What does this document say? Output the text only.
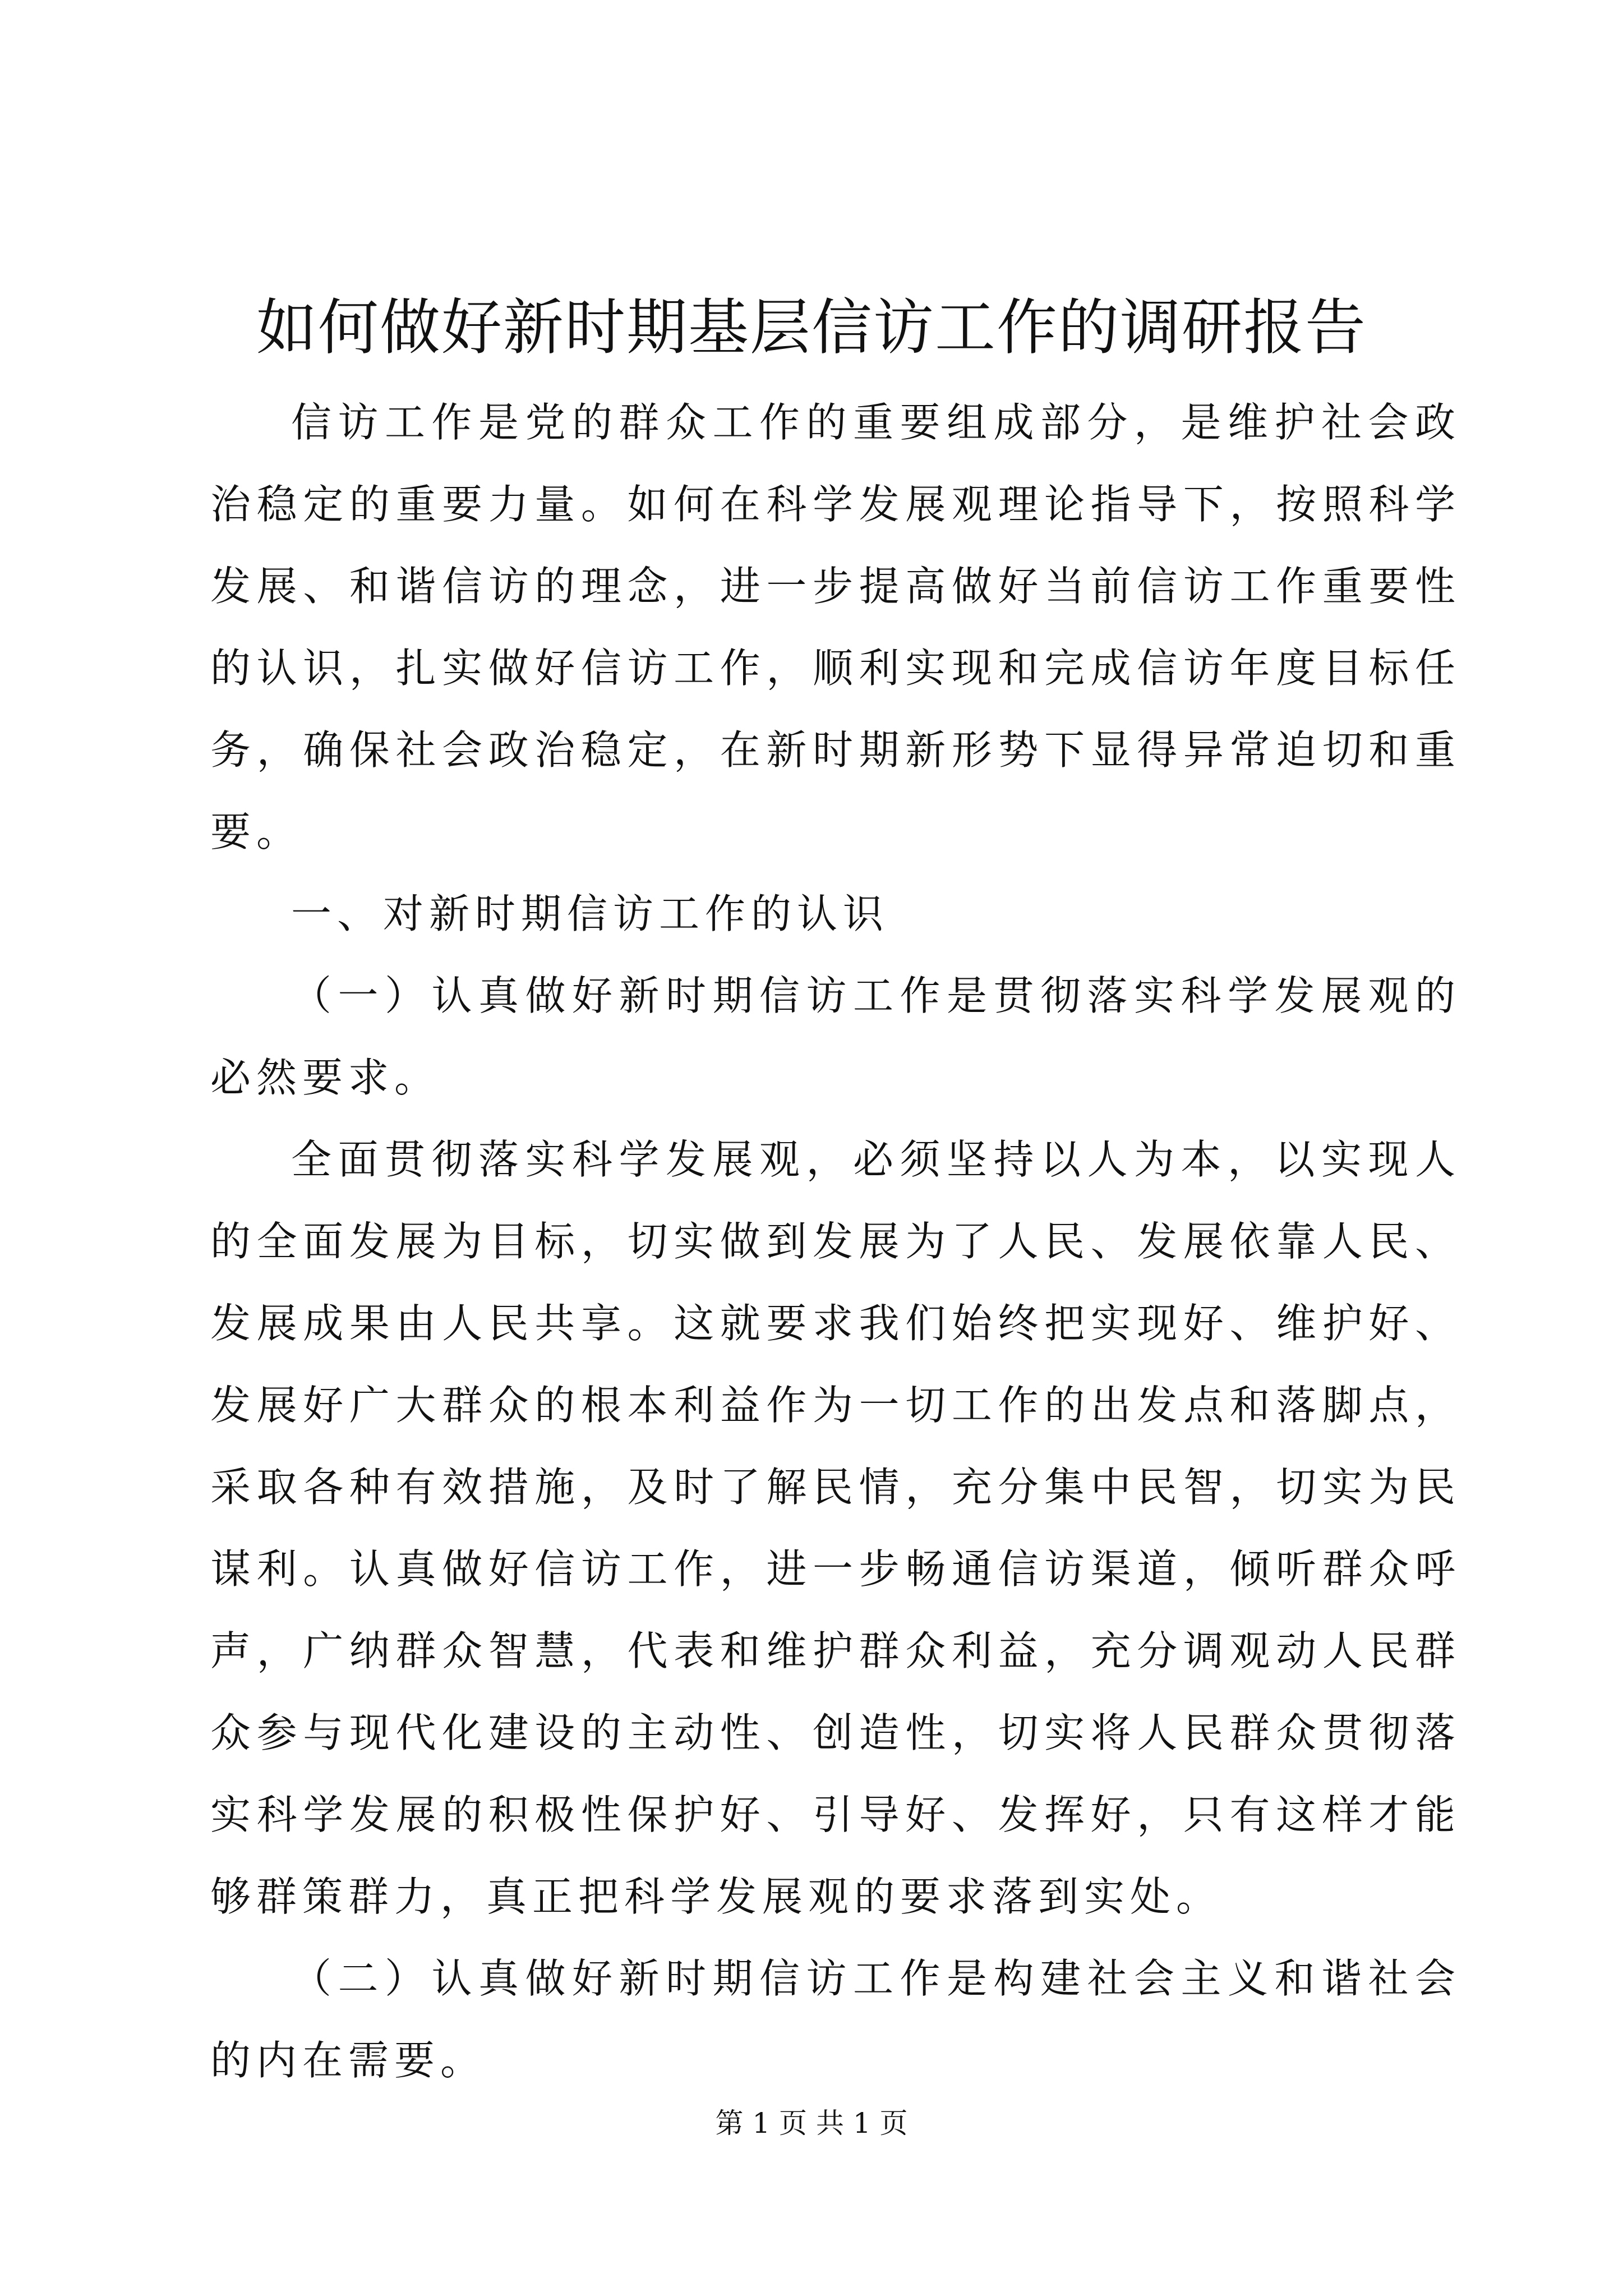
如何做好新时期基层信访工作的调研报告

信访工作是党的群众工作的重要组成部分，是维护社会政治稳定的重要力量。如何在科学发展观理论指导下，按照科学发展、和谐信访的理念，进一步提高做好当前信访工作重要性的认识，扎实做好信访工作，顺利实现和完成信访年度目标任务，确保社会政治稳定，在新时期新形势下显得异常迫切和重要。

一、对新时期信访工作的认识

（一）认真做好新时期信访工作是贯彻落实科学发展观的必然要求。

全面贯彻落实科学发展观，必须坚持以人为本，以实现人的全面发展为目标，切实做到发展为了人民、发展依靠人民、发展成果由人民共享。这就要求我们始终把实现好、维护好、发展好广大群众的根本利益作为一切工作的出发点和落脚点，采取各种有效措施，及时了解民情，充分集中民智，切实为民谋利。认真做好信访工作，进一步畅通信访渠道，倾听群众呼声，广纳群众智慧，代表和维护群众利益，充分调观动人民群众参与现代化建设的主动性、创造性，切实将人民群众贯彻落实科学发展的积极性保护好、引导好、发挥好，只有这样才能够群策群力，真正把科学发展观的要求落到实处。

（二）认真做好新时期信访工作是构建社会主义和谐社会的内在需要。

第 1 页 共 1 页
